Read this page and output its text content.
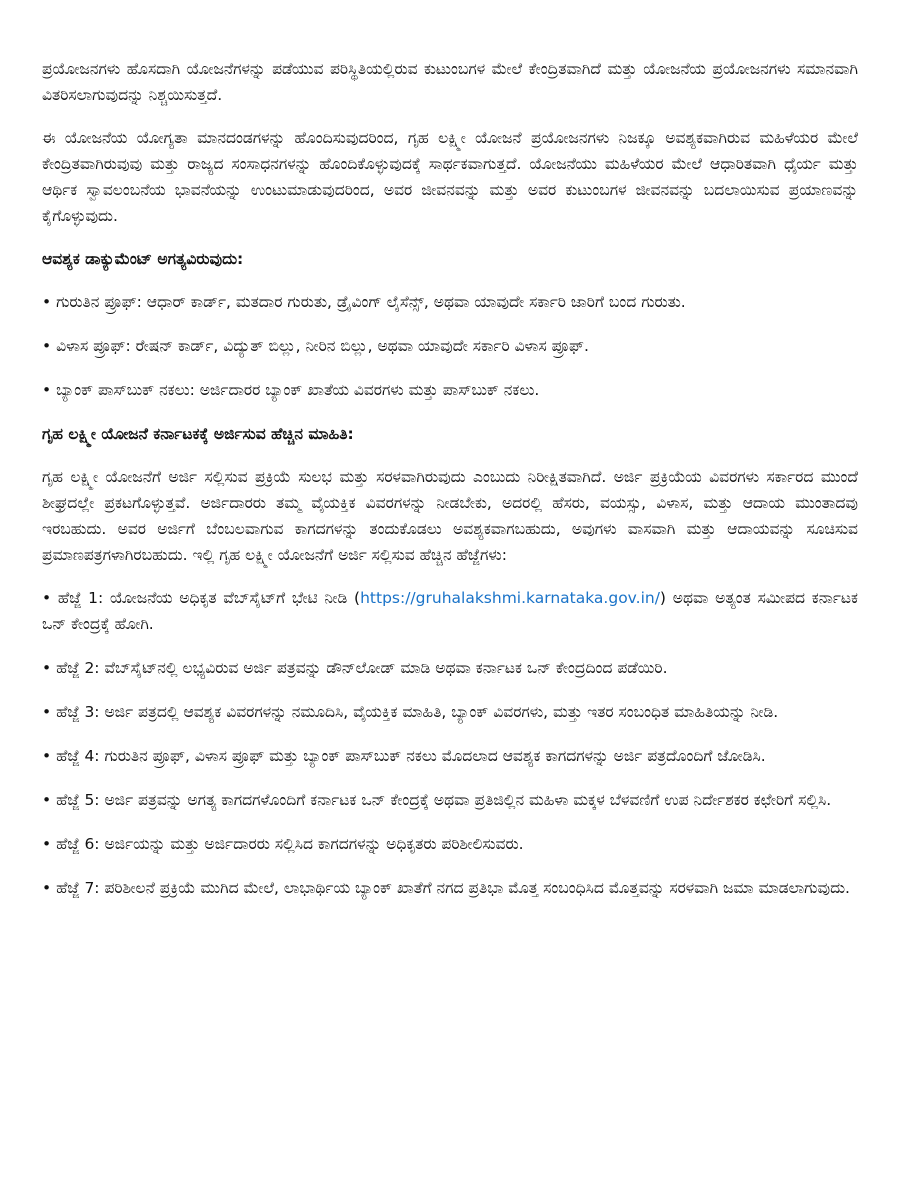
ಪ್ರಯೋಜನಗಳು ಹೊಸದಾಗಿ ಯೋಜನೆಗಳನ್ನು ಪಡೆಯುವ ಪರಿಸ್ಥಿತಿಯಲ್ಲಿರುವ ಕುಟುಂಬಗಳ ಮೇಲೆ ಕೇಂದ್ರಿತವಾಗಿದೆ ಮತ್ತು ಯೋಜನೆಯ ಪ್ರಯೋಜನಗಳು ಸಮಾನವಾಗಿ ವಿತರಿಸಲಾಗುವುದನ್ನು ನಿಶ್ಚಯಿಸುತ್ತದೆ.

ಈ ಯೋಜನೆಯ ಯೋಗ್ಯತಾ ಮಾನದಂಡಗಳನ್ನು ಹೊಂದಿಸುವುದರಿಂದ, ಗೃಹ ಲಕ್ಷ್ಮೀ ಯೋಜನೆ ಪ್ರಯೋಜನಗಳು ನಿಜಕ್ಕೂ ಅವಶ್ಯಕವಾಗಿರುವ ಮಹಿಳೆಯರ ಮೇಲೆ ಕೇಂದ್ರಿತವಾಗಿರುವುವು ಮತ್ತು ರಾಜ್ಯದ ಸಂಸಾಧನಗಳನ್ನು ಹೊಂದಿಕೊಳ್ಳುವುದಕ್ಕೆ ಸಾರ್ಥಕವಾಗುತ್ತದೆ. ಯೋಜನೆಯು ಮಹಿಳೆಯರ ಮೇಲೆ ಆಧಾರಿತವಾಗಿ ಧೈರ್ಯ ಮತ್ತು ಆರ್ಥಿಕ ಸ್ವಾವಲಂಬನೆಯ ಭಾವನೆಯನ್ನು ಉಂಟುಮಾಡುವುದರಿಂದ, ಅವರ ಜೀವನವನ್ನು ಮತ್ತು ಅವರ ಕುಟುಂಬಗಳ ಜೀವನವನ್ನು ಬದಲಾಯಿಸುವ ಪ್ರಯಾಣವನ್ನು ಕೈಗೊಳ್ಳುವುದು.

ಆವಶ್ಯಕ ಡಾಕ್ಯುಮೆಂಟ್ ಅಗತ್ಯವಿರುವುದು:

• ಗುರುತಿನ ಪ್ರೂಫ್: ಆಧಾರ್ ಕಾರ್ಡ್, ಮತದಾರ ಗುರುತು, ಡ್ರೈವಿಂಗ್ ಲೈಸೆನ್ಸ್, ಅಥವಾ ಯಾವುದೇ ಸರ್ಕಾರಿ ಜಾರಿಗೆ ಬಂದ ಗುರುತು.

• ವಿಳಾಸ ಪ್ರೂಫ್: ರೇಷನ್ ಕಾರ್ಡ್, ವಿದ್ಯುತ್ ಬಿಲ್ಲು, ನೀರಿನ ಬಿಲ್ಲು, ಅಥವಾ ಯಾವುದೇ ಸರ್ಕಾರಿ ವಿಳಾಸ ಪ್ರೂಫ್.

• ಬ್ಯಾಂಕ್ ಪಾಸ್‌ಬುಕ್ ನಕಲು: ಅರ್ಜಿದಾರರ ಬ್ಯಾಂಕ್ ಖಾತೆಯ ವಿವರಗಳು ಮತ್ತು ಪಾಸ್‌ಬುಕ್ ನಕಲು.

ಗೃಹ ಲಕ್ಷ್ಮೀ ಯೋಜನೆ ಕರ್ನಾಟಕಕ್ಕೆ ಅರ್ಜಿಸುವ ಹೆಚ್ಚಿನ ಮಾಹಿತಿ:

ಗೃಹ ಲಕ್ಷ್ಮೀ ಯೋಜನೆಗೆ ಅರ್ಜಿ ಸಲ್ಲಿಸುವ ಪ್ರಕ್ರಿಯೆ ಸುಲಭ ಮತ್ತು ಸರಳವಾಗಿರುವುದು ಎಂಬುದು ನಿರೀಕ್ಷಿತವಾಗಿದೆ. ಅರ್ಜಿ ಪ್ರಕ್ರಿಯೆಯ ವಿವರಗಳು ಸರ್ಕಾರದ ಮುಂದೆ ಶೀಘ್ರದಲ್ಲೇ ಪ್ರಕಟಗೊಳ್ಳುತ್ತವೆ. ಅರ್ಜಿದಾರರು ತಮ್ಮ ವೈಯಕ್ತಿಕ ವಿವರಗಳನ್ನು ನೀಡಬೇಕು, ಅದರಲ್ಲಿ ಹೆಸರು, ವಯಸ್ಸು, ವಿಳಾಸ, ಮತ್ತು ಆದಾಯ ಮುಂತಾದವು ಇರಬಹುದು. ಅವರ ಅರ್ಜಿಗೆ ಬೆಂಬಲವಾಗುವ ಕಾಗದಗಳನ್ನು ತಂದುಕೊಡಲು ಅವಶ್ಯಕವಾಗಬಹುದು, ಅವುಗಳು ವಾಸವಾಗಿ ಮತ್ತು ಆದಾಯವನ್ನು ಸೂಚಿಸುವ ಪ್ರಮಾಣಪತ್ರಗಳಾಗಿರಬಹುದು. ಇಲ್ಲಿ ಗೃಹ ಲಕ್ಷ್ಮೀ ಯೋಜನೆಗೆ ಅರ್ಜಿ ಸಲ್ಲಿಸುವ ಹೆಚ್ಚಿನ ಹೆಜ್ಜೆಗಳು:

• ಹೆಜ್ಜೆ 1: ಯೋಜನೆಯ ಅಧಿಕೃತ ವೆಬ್‌ಸೈಟ್‌ಗೆ ಭೇಟಿ ನೀಡಿ (https://gruhalakshmi.karnataka.gov.in/) ಅಥವಾ ಅತ್ಯಂತ ಸಮೀಪದ ಕರ್ನಾಟಕ ಒನ್ ಕೇಂದ್ರಕ್ಕೆ ಹೋಗಿ.

• ಹೆಜ್ಜೆ 2: ವೆಬ್‌ಸೈಟ್‌ನಲ್ಲಿ ಲಭ್ಯವಿರುವ ಅರ್ಜಿ ಪತ್ರವನ್ನು ಡೌನ್‌ಲೋಡ್ ಮಾಡಿ ಅಥವಾ ಕರ್ನಾಟಕ ಒನ್ ಕೇಂದ್ರದಿಂದ ಪಡೆಯಿರಿ.

• ಹೆಜ್ಜೆ 3: ಅರ್ಜಿ ಪತ್ರದಲ್ಲಿ ಆವಶ್ಯಕ ವಿವರಗಳನ್ನು ನಮೂದಿಸಿ, ವೈಯಕ್ತಿಕ ಮಾಹಿತಿ, ಬ್ಯಾಂಕ್ ವಿವರಗಳು, ಮತ್ತು ಇತರ ಸಂಬಂಧಿತ ಮಾಹಿತಿಯನ್ನು ನೀಡಿ.

• ಹೆಜ್ಜೆ 4: ಗುರುತಿನ ಪ್ರೂಫ್, ವಿಳಾಸ ಪ್ರೂಫ್ ಮತ್ತು ಬ್ಯಾಂಕ್ ಪಾಸ್‌ಬುಕ್ ನಕಲು ಮೊದಲಾದ ಆವಶ್ಯಕ ಕಾಗದಗಳನ್ನು ಅರ್ಜಿ ಪತ್ರದೊಂದಿಗೆ ಜೋಡಿಸಿ.

• ಹೆಜ್ಜೆ 5: ಅರ್ಜಿ ಪತ್ರವನ್ನು ಅಗತ್ಯ ಕಾಗದಗಳೊಂದಿಗೆ ಕರ್ನಾಟಕ ಒನ್ ಕೇಂದ್ರಕ್ಕೆ ಅಥವಾ ಪ್ರತಿಜಿಲ್ಲಿನ ಮಹಿಳಾ ಮಕ್ಕಳ ಬೆಳವಣಿಗೆ ಉಪ ನಿರ್ದೇಶಕರ ಕಛೇರಿಗೆ ಸಲ್ಲಿಸಿ.

• ಹೆಜ್ಜೆ 6: ಅರ್ಜಿಯನ್ನು ಮತ್ತು ಅರ್ಜಿದಾರರು ಸಲ್ಲಿಸಿದ ಕಾಗದಗಳನ್ನು ಅಧಿಕೃತರು ಪರಿಶೀಲಿಸುವರು.

• ಹೆಜ್ಜೆ 7: ಪರಿಶೀಲನೆ ಪ್ರಕ್ರಿಯೆ ಮುಗಿದ ಮೇಲೆ, ಲಾಭಾರ್ಥಿಯ ಬ್ಯಾಂಕ್ ಖಾತೆಗೆ ನಗದ ಪ್ರತಿಭಾ ಮೊತ್ತ ಸಂಬಂಧಿಸಿದ ಮೊತ್ತವನ್ನು ಸರಳವಾಗಿ ಜಮಾ ಮಾಡಲಾಗುವುದು.
